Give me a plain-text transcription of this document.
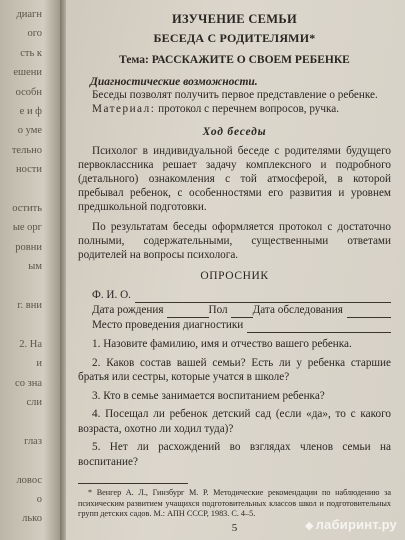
диагн
ого
сть к
ешени
особн
е и ф
о уме
тельно
ности
остить
ые орг
ровни
ым
г. вни
2. На
и
со зна
сли
глаз
ловос
о
лько
ИЗУЧЕНИЕ СЕМЬИ
БЕСЕДА С РОДИТЕЛЯМИ*
Тема: РАССКАЖИТЕ О СВОЕМ РЕБЕНКЕ
Диагностические возможности.

Беседы позволят получить первое представление о ребенке.

Материал: протокол с перечнем вопросов, ручка.

Ход беседы

Психолог в индивидуальной беседе с родителями будущего первоклассника решает задачу комплексного и подробного (детального) ознакомления с той атмосферой, в которой пребывал ребенок, с особенностями его развития и уровнем предшкольной подготовки.

По результатам беседы оформляется протокол с достаточно полными, содержательными, существенными ответами родителей на вопросы психолога.

ОПРОСНИК
Ф. И. О.
Дата рождения	Пол Дата обследования
Место проведения диагностики
1. Назовите фамилию, имя и отчество вашего ребенка.
2. Каков состав вашей семьи? Есть ли у ребенка старшие братья или сестры, которые учатся в школе?
3. Кто в семье занимается воспитанием ребенка?
4. Посещал ли ребенок детский сад (если «да», то с какого возраста, охотно ли ходил туда)?
5. Нет ли расхождений во взглядах членов семьи на воспитание?
* Венгер А. Л., Гинзбург М. Р. Методические рекомендации по наблюдению за психическим развитием учащихся подготовительных классов школ и подготовительных групп детских садов. М.: АПН СССР, 1983. С. 4–5.
5	◆ лабиринт.ру
